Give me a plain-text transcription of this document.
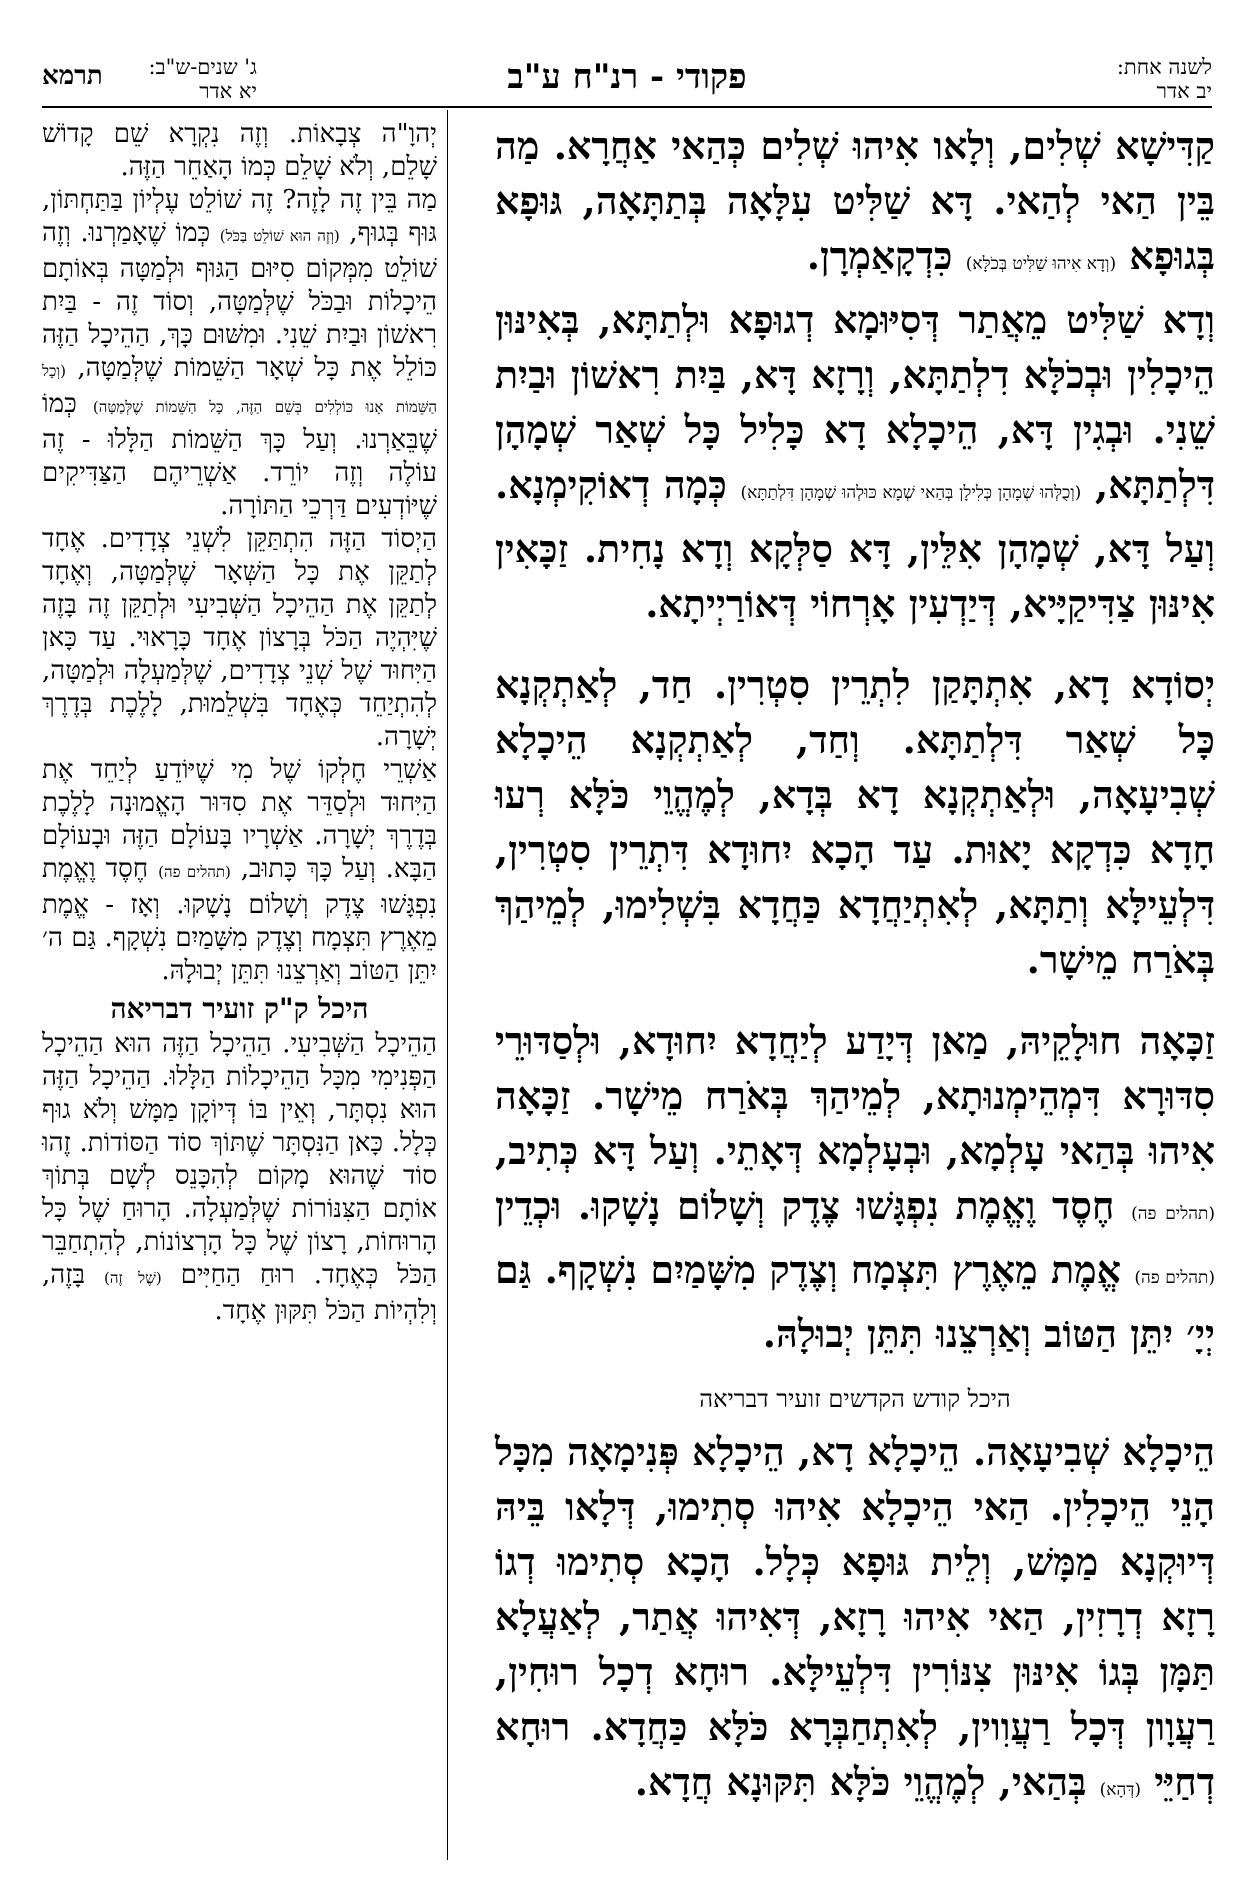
לשנה אחת:
יב אדר
פקודי - רנ"ח ע"ב
ג' שנים-ש"ב:
יא אדר
תרמא

קַדִּישָׁא שְׁלִים, וְלָאו אִיהוּ שְׁלִים כְּהַאי אַחֲרָא. מַה בֵּין הַאי לְהַאי. דָּא שַׁלִּיט עִלָּאָה בְּתַתָּאָה, גּוּפָא בְּגוּפָא (וְדָא אִיהוּ שַׁלִּיט בְּכֹלָּא) כִּדְקָאַמְרָן.

וְדָא שַׁלִּיט מֵאֲתַר דְּסִיּוּמָא דְגוּפָא וּלְתַתָּא, בְּאִינּוּן הֵיכָלִין וּבְכֹלָּא דִלְתַתָּא, וְרָזָא דָּא, בַּיִת רִאשׁוֹן וּבַיִת שֵׁנִי. וּבְגִין דָּא, הֵיכָלָא דָא כָּלִיל כָּל שְׁאַר שְׁמָהָן דִּלְתַתָּא, (וְכֻלְּהוּ שְׁמָהָן כְּלִילָן בְּהַאי שְׁמָא כּוּלְהוּ שְׁמָהָן דִּלְתַתָּא) כְּמָה דְאוֹקִימְנָא. וְעַל דָּא, שְׁמָהָן אִלֵּין, דָּא סַלְּקָא וְדָא נָחִית. זַכָּאִין אִינּוּן צַדִּיקַיָּיא, דְּיַדְעִין אָרְחוֹי דְּאוֹרַיְיתָא.

יְסוֹדָא דָא, אִתְתָּקַן לִתְרֵין סִטְרִין. חַד, לְאַתְקְנָא כָּל שְׁאַר דִּלְתַתָּא. וְחַד, לְאַתְקְנָא הֵיכָלָא שְׁבִיעָאָה, וּלְאַתְקְנָא דָא בְּדָא, לְמֶהֱוֵי כֹּלָּא רְעוּ חָדָא כִּדְקָא יָאוּת. עַד הָכָא יִחוּדָא דִּתְרֵין סִטְרִין, דִּלְעֵילָּא וְתַתָּא, לְאִתְיַחֲדָא כַּחֲדָא בִּשְׁלִימוּ, לְמֵיהַךְ בְּאֹרַח מֵישָׁר.

זַכָּאָה חוּלָקֵיהּ, מַאן דְּיָדַע לְיַחֲדָא יִחוּדָא, וּלְסַדּוּרֵי סִדּוּרָא דִּמְהֵימְנוּתָא, לְמֵיהַךְ בְּאֹרַח מֵישָׁר. זַכָּאָה אִיהוּ בְּהַאי עָלְמָא, וּבְעָלְמָא דְּאָתֵי. וְעַל דָּא כְּתִיב, (תהלים פה) חֶסֶד וֶאֱמֶת נִפְגָּשׁוּ צֶדֶק וְשָׁלוֹם נָשָׁקוּ. וּכְדֵין (תהלים פה) אֱמֶת מֵאֶרֶץ תִּצְמָח וְצֶדֶק מִשָּׁמַיִם נִשְׁקָף. גַּם יְיָ׳ יִתֵּן הַטּוֹב וְאַרְצֵנוּ תִּתֵּן יְבוּלָהּ.

היכל קודש הקדשים זועיר דבריאה

הֵיכָלָא שְׁבִיעָאָה. הֵיכָלָא דָא, הֵיכָלָא פְּנִימָאָה מִכָּל הָנֵי הֵיכָלִין. הַאי הֵיכָלָא אִיהוּ סְתִימוּ, דְּלָאו בֵּיהּ דְּיוּקְנָא מַמָּשׁ, וְלֵית גּוּפָא כְּלָל. הָכָא סְתִימוּ דְגוֹ רָזָא דְרָזִין, הַאי אִיהוּ רָזָא, דְּאִיהוּ אֲתַר, לְאַעֲלָא תַּמָּן בְּגוֹ אִינּוּן צִנּוֹרִין דִּלְעֵילָּא. רוּחָא דְכָל רוּחִין, רַעֲוָון דְּכָל רַעֲוִוין, לְאִתְחַבְּרָא כֹּלָּא כַּחֲדָא. רוּחָא דְחַיֵּי (דְּהָא) בְּהַאי, לְמֶהֱוֵי כֹּלָּא תִּקּוּנָא חֲדָא.

יְהוָ"ה צְבָאוֹת. וְזֶה נִקְרָא שֵׁם קָדוֹשׁ שָׁלֵם, וְלֹא שָׁלֵם כְּמוֹ הָאַחֵר הַזֶּה.

מַה בֵּין זֶה לָזֶה? זֶה שׁוֹלֵט עֶלְיוֹן בַּתַּחְתּוֹן, גּוּף בְּגוּף, (וְזֶה הוּא שׁוֹלֵט בַּכֹּל) כְּמוֹ שֶׁאָמַרְנוּ. וְזֶה שׁוֹלֵט מִמְּקוֹם סִיּוּם הַגּוּף וּלְמַטָּה בְּאוֹתָם הֵיכָלוֹת וּבַכֹּל שֶׁלְּמַטָּה, וְסוֹד זֶה - בַּיִת רִאשׁוֹן וּבַיִת שֵׁנִי. וּמִשּׁוּם כָּךְ, הַהֵיכָל הַזֶּה כּוֹלֵל אֶת כָּל שְׁאָר הַשֵּׁמוֹת שֶׁלְּמַטָּה, (וְכָל הַשֵּׁמוֹת אָנוּ כּוֹלְלִים בְּשֵׁם הַזֶּה, כָּל הַשֵּׁמוֹת שֶׁלְּמַטָּה) כְּמוֹ שֶׁבֵּאַרְנוּ. וְעַל כָּךְ הַשֵּׁמוֹת הַלָּלוּ - זֶה עוֹלֶה וְזֶה יוֹרֵד. אַשְׁרֵיהֶם הַצַּדִּיקִים שֶׁיּוֹדְעִים דַּרְכֵי הַתּוֹרָה.

הַיְסוֹד הַזֶּה הִתְתַּקֵּן לִשְׁנֵי צְדָדִים. אֶחָד לְתַקֵּן אֶת כָּל הַשְּׁאָר שֶׁלְּמַטָּה, וְאֶחָד לְתַקֵּן אֶת הַהֵיכָל הַשְּׁבִיעִי וּלְתַקֵּן זֶה בָּזֶה שֶׁיִּהְיֶה הַכֹּל בְּרָצוֹן אֶחָד כָּרָאוּי. עַד כָּאן הַיִּחוּד שֶׁל שְׁנֵי צְדָדִים, שֶׁלְּמַעְלָה וּלְמַטָּה, לְהִתְיַחֵד כְּאֶחָד בִּשְׁלֵמוּת, לָלֶכֶת בְּדֶרֶךְ יְשָׁרָה.

אַשְׁרֵי חֶלְקוֹ שֶׁל מִי שֶׁיּוֹדֵעַ לְיַחֵד אֶת הַיִּחוּד וּלְסַדֵּר אֶת סִדּוּר הָאֱמוּנָה לָלֶכֶת בְּדֶרֶךְ יְשָׁרָה. אַשְׁרָיו בָּעוֹלָם הַזֶּה וּבָעוֹלָם הַבָּא. וְעַל כָּךְ כָּתוּב, (תהלים פה) חֶסֶד וֶאֱמֶת נִפְגָּשׁוּ צֶדֶק וְשָׁלוֹם נָשָׁקוּ. וְאָז - אֱמֶת מֵאֶרֶץ תִּצְמָח וְצֶדֶק מִשָּׁמַיִם נִשְׁקָף. גַּם ה׳ יִתֵּן הַטּוֹב וְאַרְצֵנוּ תִּתֵּן יְבוּלָהּ.

היכל ק"ק זועיר דבריאה

הַהֵיכָל הַשְּׁבִיעִי. הַהֵיכָל הַזֶּה הוּא הַהֵיכָל הַפְּנִימִי מִכָּל הַהֵיכָלוֹת הַלָּלוּ. הַהֵיכָל הַזֶּה הוּא נִסְתָּר, וְאֵין בּוֹ דְּיוֹקָן מַמָּשׁ וְלֹא גוּף כְּלָל. כָּאן הַנִּסְתָּר שֶׁתּוֹךְ סוֹד הַסּוֹדוֹת. זֶהוּ סוֹד שֶׁהוּא מָקוֹם לְהִכָּנֵס לְשָׁם בְּתוֹךְ אוֹתָם הַצִּנּוֹרוֹת שֶׁלְּמַעְלָה. הָרוּחַ שֶׁל כָּל הָרוּחוֹת, רָצוֹן שֶׁל כָּל הָרְצוֹנוֹת, לְהִתְחַבֵּר הַכֹּל כְּאֶחָד. רוּחַ הַחַיִּים (שֶׁל זֶה) בָּזֶה, וְלִהְיוֹת הַכֹּל תִּקּוּן אֶחָד.
